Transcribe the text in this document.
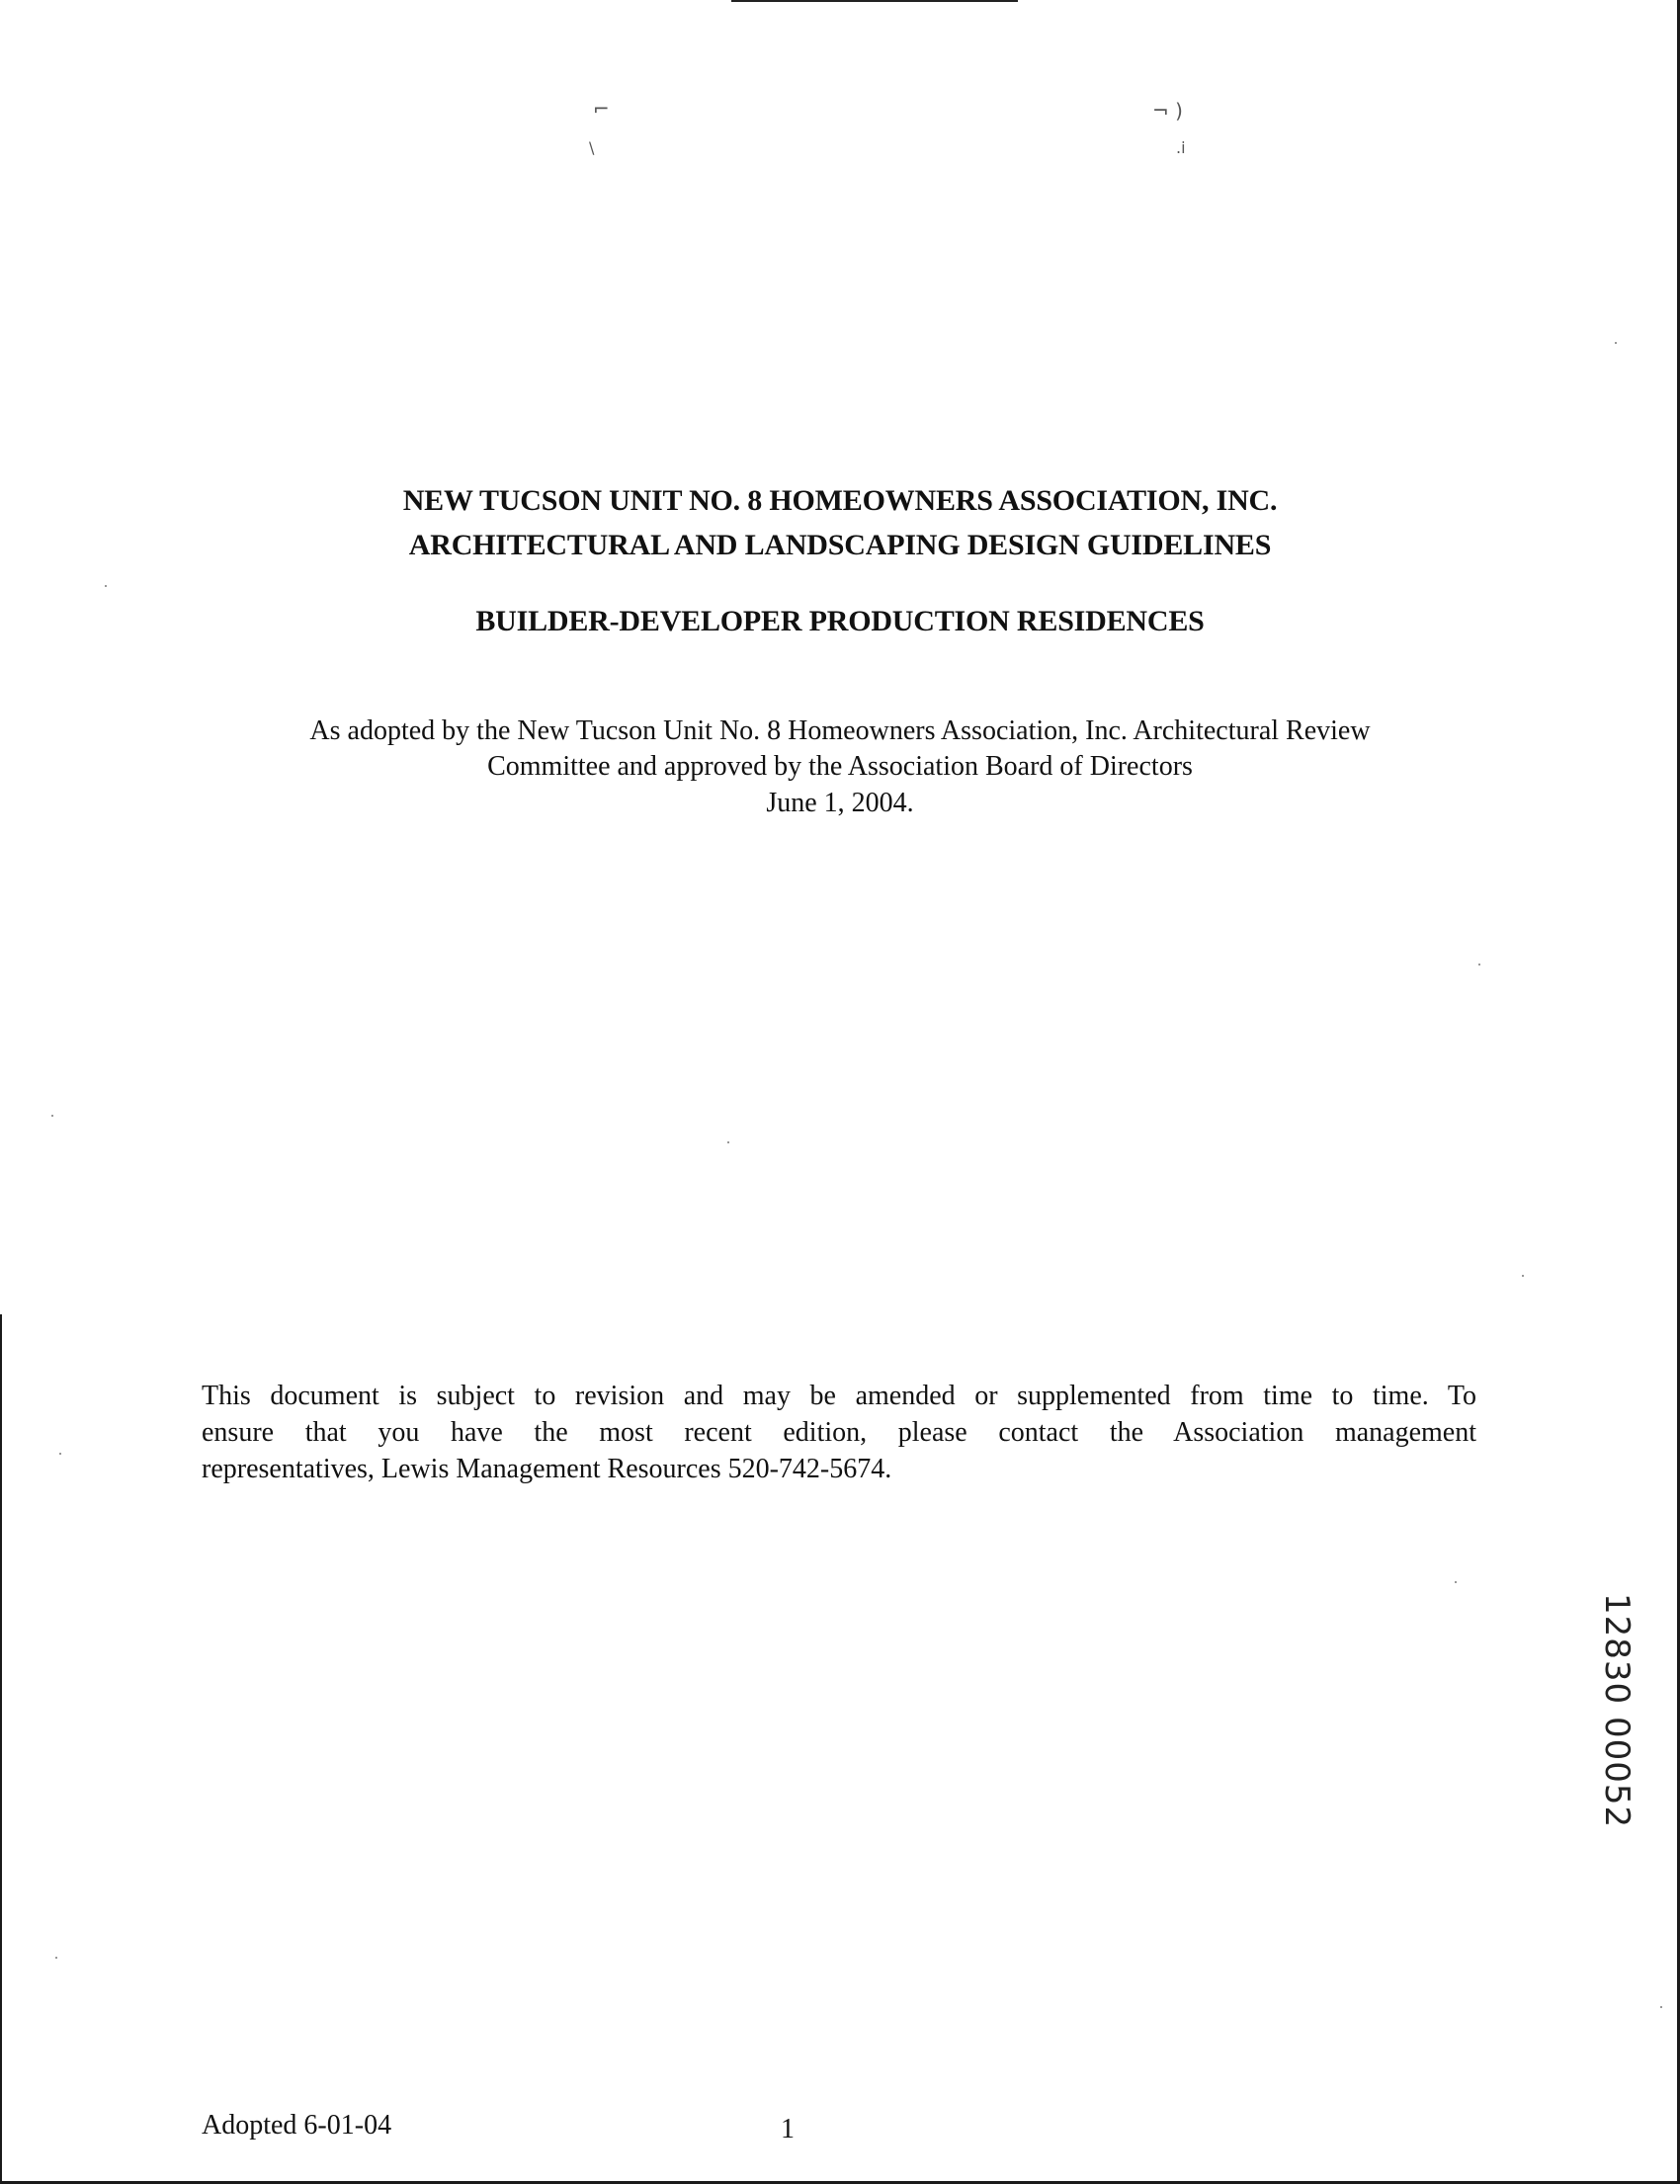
⌐
\
¬ )
.ⅰ
NEW TUCSON UNIT NO. 8 HOMEOWNERS ASSOCIATION, INC.
ARCHITECTURAL AND LANDSCAPING DESIGN GUIDELINES
BUILDER-DEVELOPER PRODUCTION RESIDENCES
As adopted by the New Tucson Unit No. 8 Homeowners Association, Inc. Architectural Review
Committee and approved by the Association Board of Directors
June 1, 2004.
This document is subject to revision and may be amended or supplemented from time to time. To
ensure that you have the most recent edition, please contact the Association management
representatives, Lewis Management Resources 520-742-5674.
12830 00052
Adopted 6-01-04	1
